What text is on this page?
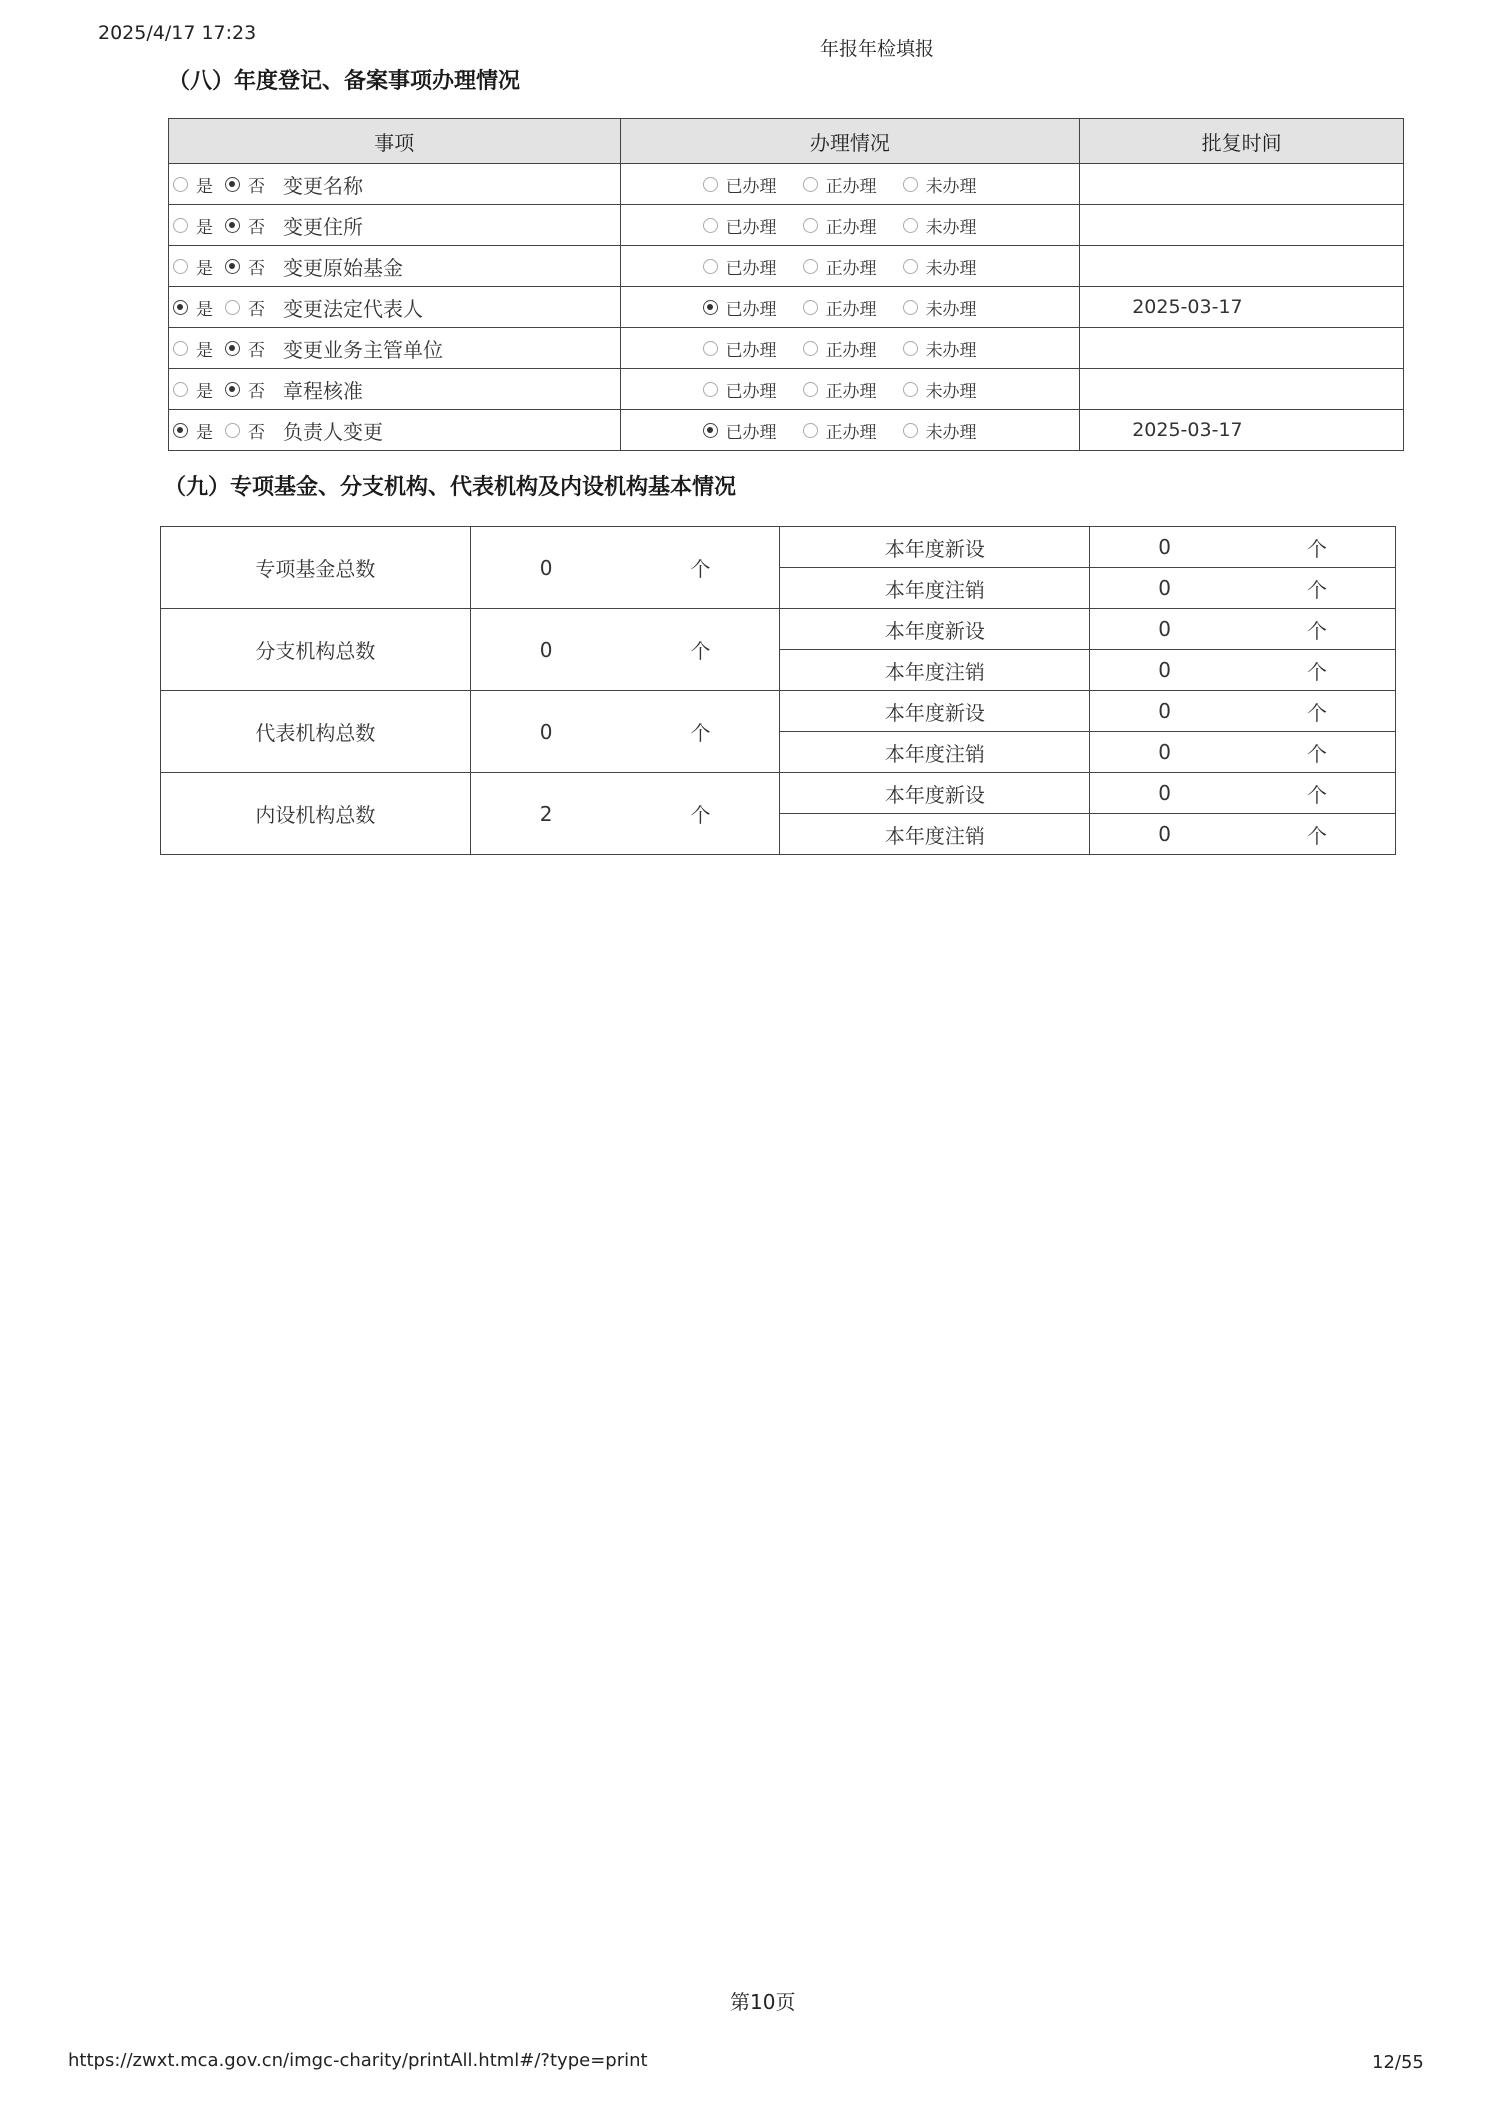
2025/4/17 17:23
年报年检填报
（八）年度登记、备案事项办理情况
事项	办理情况	批复时间
是 否 变更名称	已办理 正办理 未办理	
是 否 变更住所	已办理 正办理 未办理	
是 否 变更原始基金	已办理 正办理 未办理	
是 否 变更法定代表人	已办理 正办理 未办理	2025-03-17
是 否 变更业务主管单位	已办理 正办理 未办理	
是 否 章程核准	已办理 正办理 未办理	
是 否 负责人变更	已办理 正办理 未办理	2025-03-17
（九）专项基金、分支机构、代表机构及内设机构基本情况
专项基金总数	0 个	本年度新设	0 个

		本年度注销	0 个

分支机构总数	0 个	本年度新设	0 个

		本年度注销	0 个

代表机构总数	0 个	本年度新设	0 个

		本年度注销	0 个

内设机构总数	2 个	本年度新设	0 个

		本年度注销	0 个
第10页
https://zwxt.mca.gov.cn/imgc-charity/printAll.html#/?type=print	12/55
